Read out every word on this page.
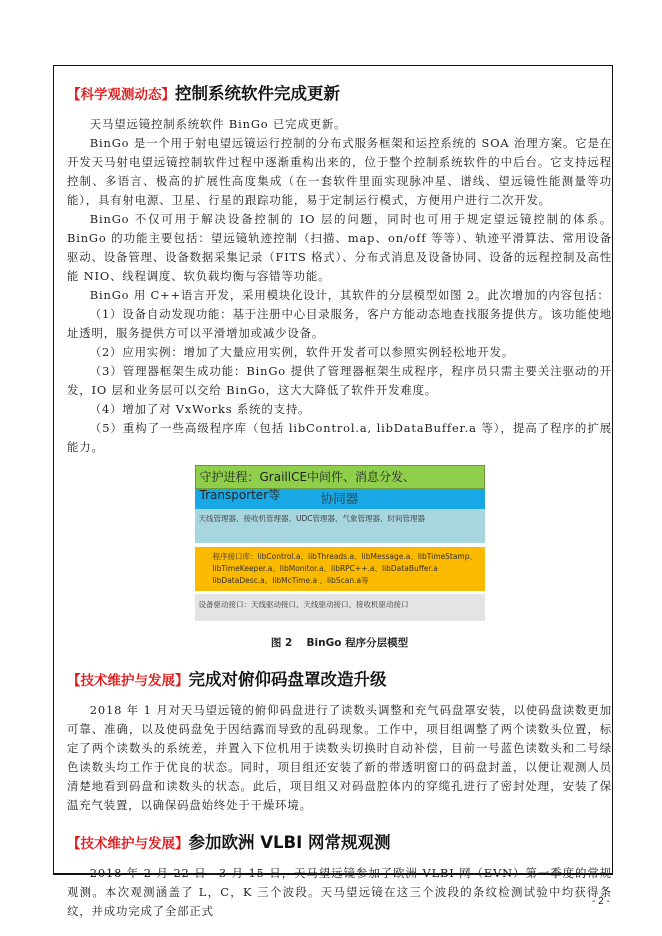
【科学观测动态】控制系统软件完成更新

天马望远镜控制系统软件 BinGo 已完成更新。

BinGo 是一个用于射电望远镜运行控制的分布式服务框架和运控系统的 SOA 治理方案。它是在开发天马射电望远镜控制软件过程中逐渐重构出来的，位于整个控制系统软件的中后台。它支持远程控制、多语言、极高的扩展性高度集成（在一套软件里面实现脉冲星、谱线、望远镜性能测量等功能），具有射电源、卫星、行星的跟踪功能，易于定制运行模式，方便用户进行二次开发。

BinGo 不仅可用于解决设备控制的 IO 层的问题，同时也可用于规定望远镜控制的体系。BinGo 的功能主要包括：望远镜轨迹控制（扫描、map、on/off 等等）、轨迹平滑算法、常用设备驱动、设备管理、设备数据采集记录（FITS 格式）、分布式消息及设备协同、设备的远程控制及高性能 NIO、线程调度、软负载均衡与容错等功能。

BinGo 用 C++语言开发，采用模块化设计，其软件的分层模型如图 2。此次增加的内容包括：

（1）设备自动发现功能：基于注册中心目录服务，客户方能动态地查找服务提供方。该功能使地址透明，服务提供方可以平滑增加或减少设备。

（2）应用实例：增加了大量应用实例，软件开发者可以参照实例轻松地开发。

（3）管理器框架生成功能：BinGo 提供了管理器框架生成程序，程序员只需主要关注驱动的开发，IO 层和业务层可以交给 BinGo，这大大降低了软件开发难度。

（4）增加了对 VxWorks 系统的支持。

（5）重构了一些高级程序库（包括 libControl.a, libDataBuffer.a 等），提高了程序的扩展能力。

守护进程：GraillCE中间件、消息分发、Transporter等	协同器
天线管理器、接收机管理器、UDC管理器、气象管理器、时间管理器
程序接口库：libControl.a、libThreads.a、libMessage.a、libTimeStamp、libTimeKeeper.a、libMonitor.a、libRPC++.a、libDataBuffer.a libDataDesc.a、libMcTime.a 、libScan.a等
设备驱动接口：天线驱动接口、天线驱动接口、接收机驱动接口
图 2　 BinGo 程序分层模型
【技术维护与发展】完成对俯仰码盘罩改造升级

2018 年 1 月对天马望远镜的俯仰码盘进行了读数头调整和充气码盘罩安装，以使码盘读数更加可靠、准确，以及使码盘免于因结露而导致的乱码现象。工作中，项目组调整了两个读数头位置，标定了两个读数头的系统差，并置入下位机用于读数头切换时自动补偿，目前一号蓝色读数头和二号绿色读数头均工作于优良的状态。同时，项目组还安装了新的带透明窗口的码盘封盖，以便让观测人员清楚地看到码盘和读数头的状态。此后，项目组又对码盘腔体内的穿缆孔进行了密封处理，安装了保温充气装置，以确保码盘始终处于干燥环境。

【技术维护与发展】参加欧洲 VLBI 网常规观测

2018 年 2 月 22 日—3 月 15 日，天马望远镜参加了欧洲 VLBI 网（EVN）第一季度的常规观测。本次观测涵盖了 L，C，K 三个波段。天马望远镜在这三个波段的条纹检测试验中均获得条纹，并成功完成了全部正式

- 2 -
